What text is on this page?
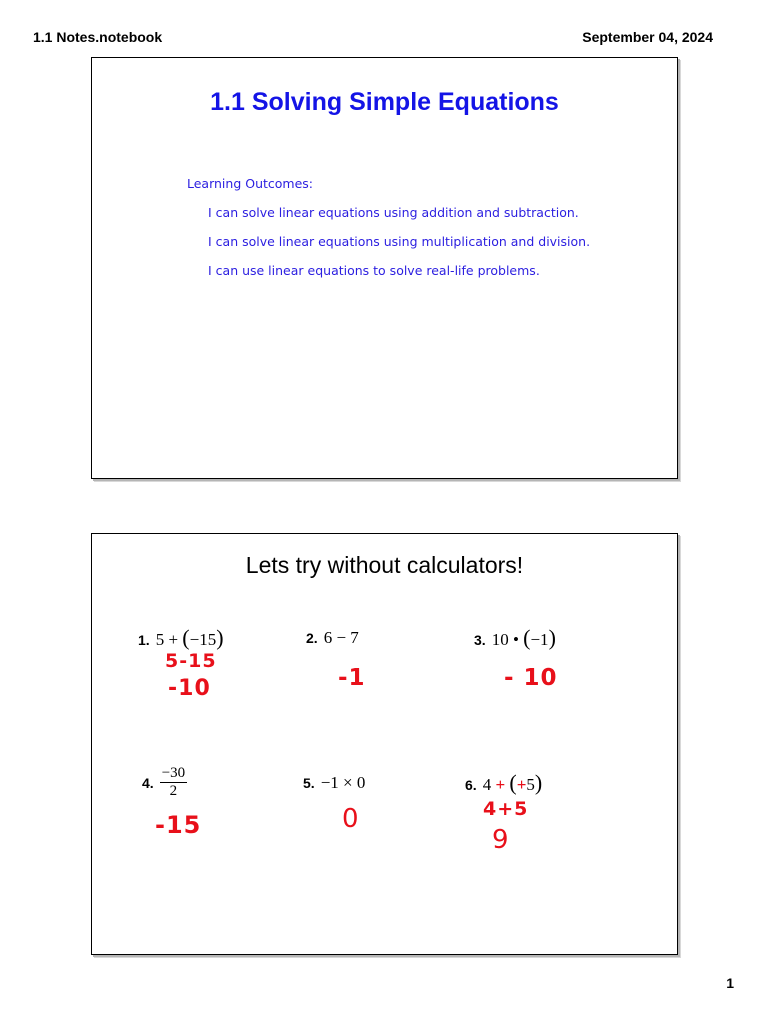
1.1 Notes.notebook	September 04, 2024
1.1 Solving Simple Equations
Learning Outcomes:
I can solve linear equations using addition and subtraction.
I can solve linear equations using multiplication and division.
I can use linear equations to solve real-life problems.
Lets try without calculators!
1. 5 + (−15)
5-15
-10
2. 6 − 7
-1
3. 10 • (−1)
- 10
4. $\frac{-30}{2}$
-15
5. −1 × 0
0
6. 4 + (+5)
4+5
9
1
